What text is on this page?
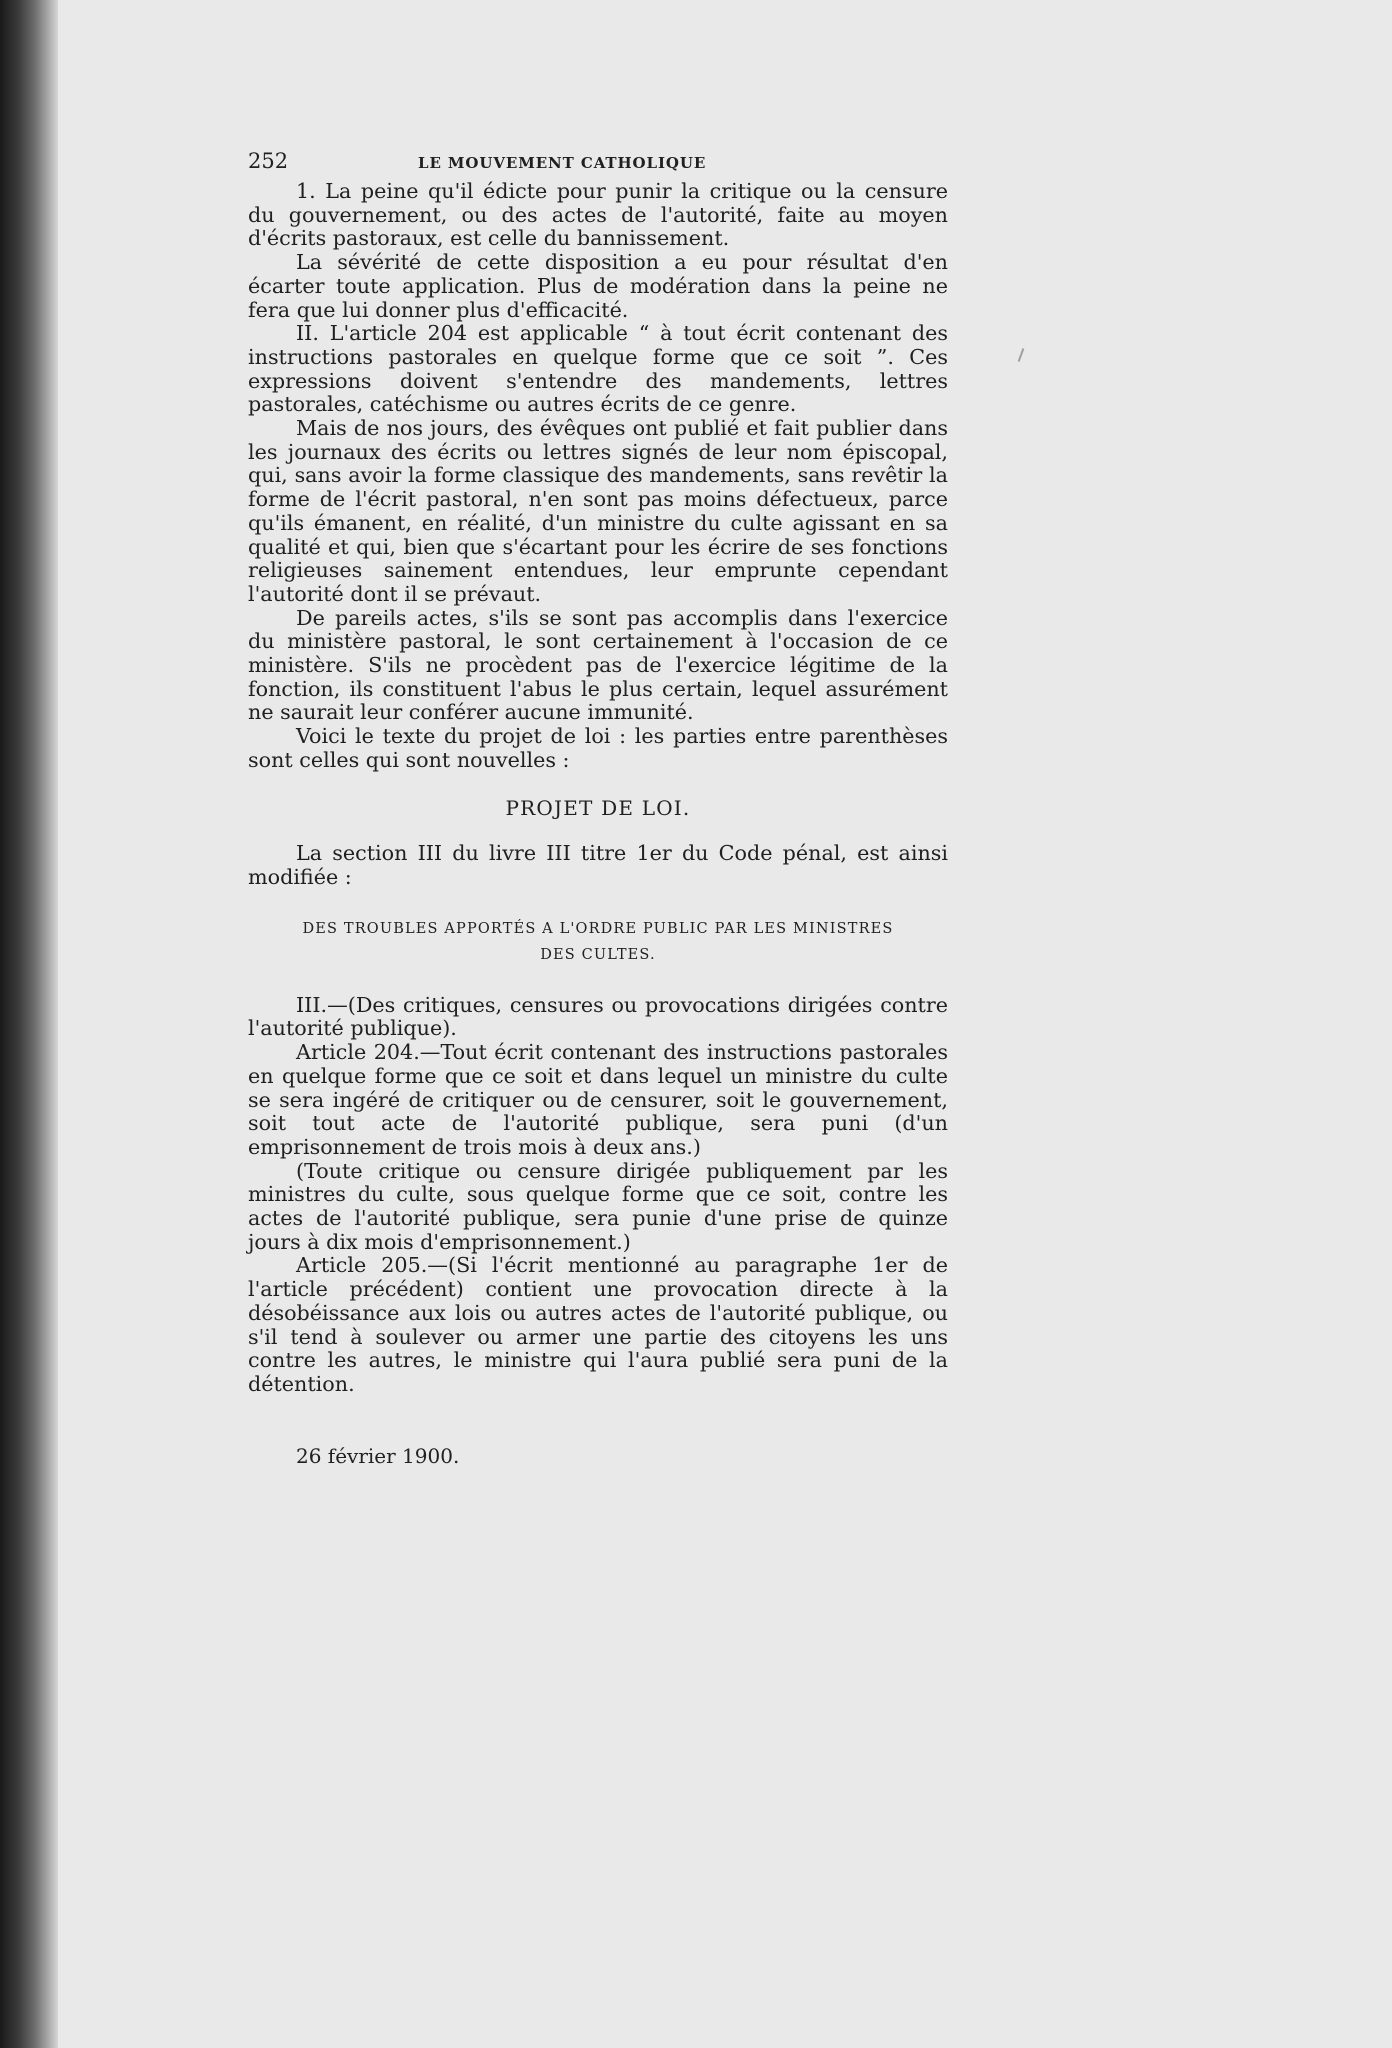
252	LE MOUVEMENT CATHOLIQUE

1. La peine qu'il édicte pour punir la critique ou la censure du gouvernement, ou des actes de l'autorité, faite au moyen d'écrits pastoraux, est celle du bannissement.

La sévérité de cette disposition a eu pour résultat d'en écarter toute application. Plus de modération dans la peine ne fera que lui donner plus d'efficacité.

II. L'article 204 est applicable “ à tout écrit contenant des instructions pastorales en quelque forme que ce soit ”. Ces expressions doivent s'entendre des mandements, lettres pastorales, catéchisme ou autres écrits de ce genre.

Mais de nos jours, des évêques ont publié et fait publier dans les journaux des écrits ou lettres signés de leur nom épiscopal, qui, sans avoir la forme classique des mandements, sans revêtir la forme de l'écrit pastoral, n'en sont pas moins défectueux, parce qu'ils émanent, en réalité, d'un ministre du culte agissant en sa qualité et qui, bien que s'écartant pour les écrire de ses fonctions religieuses sainement entendues, leur emprunte cependant l'autorité dont il se prévaut.

De pareils actes, s'ils se sont pas accomplis dans l'exercice du ministère pastoral, le sont certainement à l'occasion de ce ministère. S'ils ne procèdent pas de l'exercice légitime de la fonction, ils constituent l'abus le plus certain, lequel assurément ne saurait leur conférer aucune immunité.

Voici le texte du projet de loi : les parties entre parenthèses sont celles qui sont nouvelles :

PROJET DE LOI.

La section III du livre III titre 1er du Code pénal, est ainsi modifiée :

DES TROUBLES APPORTÉS A L'ORDRE PUBLIC PAR LES MINISTRES
DES CULTES.

III.—(Des critiques, censures ou provocations dirigées contre l'autorité publique).

Article 204.—Tout écrit contenant des instructions pastorales en quelque forme que ce soit et dans lequel un ministre du culte se sera ingéré de critiquer ou de censurer, soit le gouvernement, soit tout acte de l'autorité publique, sera puni (d'un emprisonnement de trois mois à deux ans.)

(Toute critique ou censure dirigée publiquement par les ministres du culte, sous quelque forme que ce soit, contre les actes de l'autorité publique, sera punie d'une prise de quinze jours à dix mois d'emprisonnement.)

Article 205.—(Si l'écrit mentionné au paragraphe 1er de l'article précédent) contient une provocation directe à la désobéissance aux lois ou autres actes de l'autorité publique, ou s'il tend à soulever ou armer une partie des citoyens les uns contre les autres, le ministre qui l'aura publié sera puni de la détention.

26 février 1900.
